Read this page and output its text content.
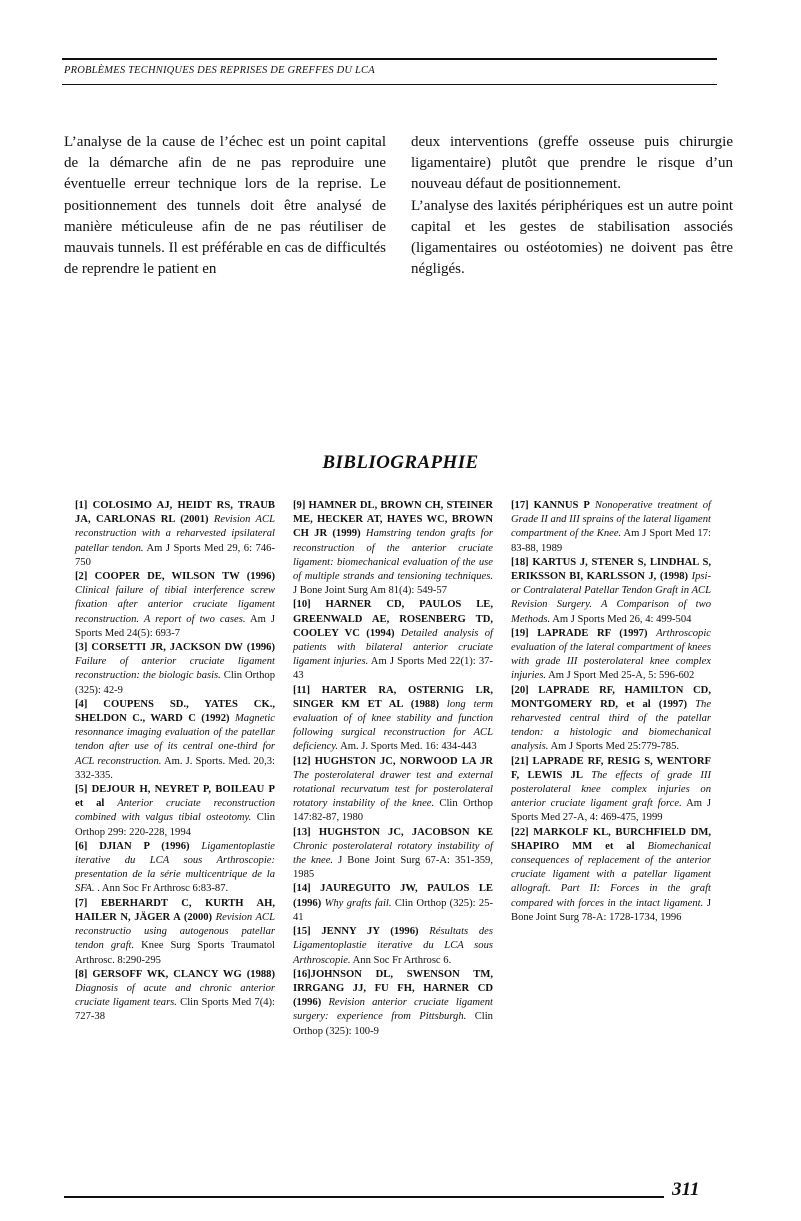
PROBLÈMES TECHNIQUES DES REPRISES DE GREFFES DU LCA

L’analyse de la cause de l’échec est un point capital de la démarche afin de ne pas reproduire une éventuelle erreur technique lors de la reprise. Le positionnement des tunnels doit être analysé de manière méticuleuse afin de ne pas réutiliser de mauvais tunnels. Il est préférable en cas de difficultés de reprendre le patient en

deux interventions (greffe osseuse puis chirurgie ligamentaire) plutôt que prendre le risque d’un nouveau défaut de positionnement.

L’analyse des laxités périphériques est un autre point capital et les gestes de stabilisation associés (ligamentaires ou ostéotomies) ne doivent pas être négligés.

BIBLIOGRAPHIE

[1] COLOSIMO AJ, HEIDT RS, TRAUB JA, CARLONAS RL (2001) Revision ACL reconstruction with a reharvested ipsilateral patellar tendon. Am J Sports Med 29, 6: 746-750

[2] COOPER DE, WILSON TW (1996) Clinical failure of tibial interference screw fixation after anterior cruciate ligament reconstruction. A report of two cases. Am J Sports Med 24(5): 693-7

[3] CORSETTI JR, JACKSON DW (1996) Failure of anterior cruciate ligament reconstruction: the biologic basis. Clin Orthop (325): 42-9

[4] COUPENS SD., YATES CK., SHELDON C., WARD C (1992) Magnetic resonnance imaging evaluation of the patellar tendon after use of its central one-third for ACL reconstruction. Am. J. Sports. Med. 20,3: 332-335.

[5] DEJOUR H, NEYRET P, BOILEAU P et al Anterior cruciate reconstruction combined with valgus tibial osteotomy. Clin Orthop 299: 220-228, 1994

[6] DJIAN P (1996) Ligamentoplastie iterative du LCA sous Arthroscopie: presentation de la série multicentrique de la SFA. . Ann Soc Fr Arthrosc 6:83-87.

[7] EBERHARDT C, KURTH AH, HAILER N, JÄGER A (2000) Revision ACL reconstructio using autogenous patellar tendon graft. Knee Surg Sports Traumatol Arthrosc. 8:290-295

[8] GERSOFF WK, CLANCY WG (1988) Diagnosis of acute and chronic anterior cruciate ligament tears. Clin Sports Med 7(4): 727-38

[9] HAMNER DL, BROWN CH, STEINER ME, HECKER AT, HAYES WC, BROWN CH JR (1999) Hamstring tendon grafts for reconstruction of the anterior cruciate ligament: biomechanical evaluation of the use of multiple strands and tensioning techniques. J Bone Joint Surg Am 81(4): 549-57

[10] HARNER CD, PAULOS LE, GREENWALD AE, ROSENBERG TD, COOLEY VC (1994) Detailed analysis of patients with bilateral anterior cruciate ligament injuries. Am J Sports Med 22(1): 37-43

[11] HARTER RA, OSTERNIG LR, SINGER KM ET AL (1988) long term evaluation of of knee stability and function following surgical reconstruction for ACL deficiency. Am. J. Sports Med. 16: 434-443

[12] HUGHSTON JC, NORWOOD LA JR The posterolateral drawer test and external rotational recurvatum test for posterolateral rotatory instability of the knee. Clin Orthop 147:82-87, 1980

[13] HUGHSTON JC, JACOBSON KE Chronic posterolateral rotatory instability of the knee. J Bone Joint Surg 67-A: 351-359, 1985

[14] JAUREGUITO JW, PAULOS LE (1996) Why grafts fail. Clin Orthop (325): 25-41

[15] JENNY JY (1996) Résultats des Ligamentoplastie iterative du LCA sous Arthroscopie. Ann Soc Fr Arthrosc 6.

[16]JOHNSON DL, SWENSON TM, IRRGANG JJ, FU FH, HARNER CD (1996) Revision anterior cruciate ligament surgery: experience from Pittsburgh. Clin Orthop (325): 100-9

[17] KANNUS P Nonoperative treatment of Grade II and III sprains of the lateral ligament compartment of the Knee. Am J Sport Med 17: 83-88, 1989

[18] KARTUS J, STENER S, LINDHAL S, ERIKSSON BI, KARLSSON J, (1998) Ipsi-or Contralateral Patellar Tendon Graft in ACL Revision Surgery. A Comparison of two Methods. Am J Sports Med 26, 4: 499-504

[19] LAPRADE RF (1997) Arthroscopic evaluation of the lateral compartment of knees with grade III posterolateral knee complex injuries. Am J Sport Med 25-A, 5: 596-602

[20] LAPRADE RF, HAMILTON CD, MONTGOMERY RD, et al (1997) The reharvested central third of the patellar tendon: a histologic and biomechanical analysis. Am J Sports Med 25:779-785.

[21] LAPRADE RF, RESIG S, WENTORF F, LEWIS JL The effects of grade III posterolateral knee complex injuries on anterior cruciate ligament graft force. Am J Sports Med 27-A, 4: 469-475, 1999

[22] MARKOLF KL, BURCHFIELD DM, SHAPIRO MM et al Biomechanical consequences of replacement of the anterior cruciate ligament with a patellar ligament allograft. Part II: Forces in the graft compared with forces in the intact ligament. J Bone Joint Surg 78-A: 1728-1734, 1996

311
